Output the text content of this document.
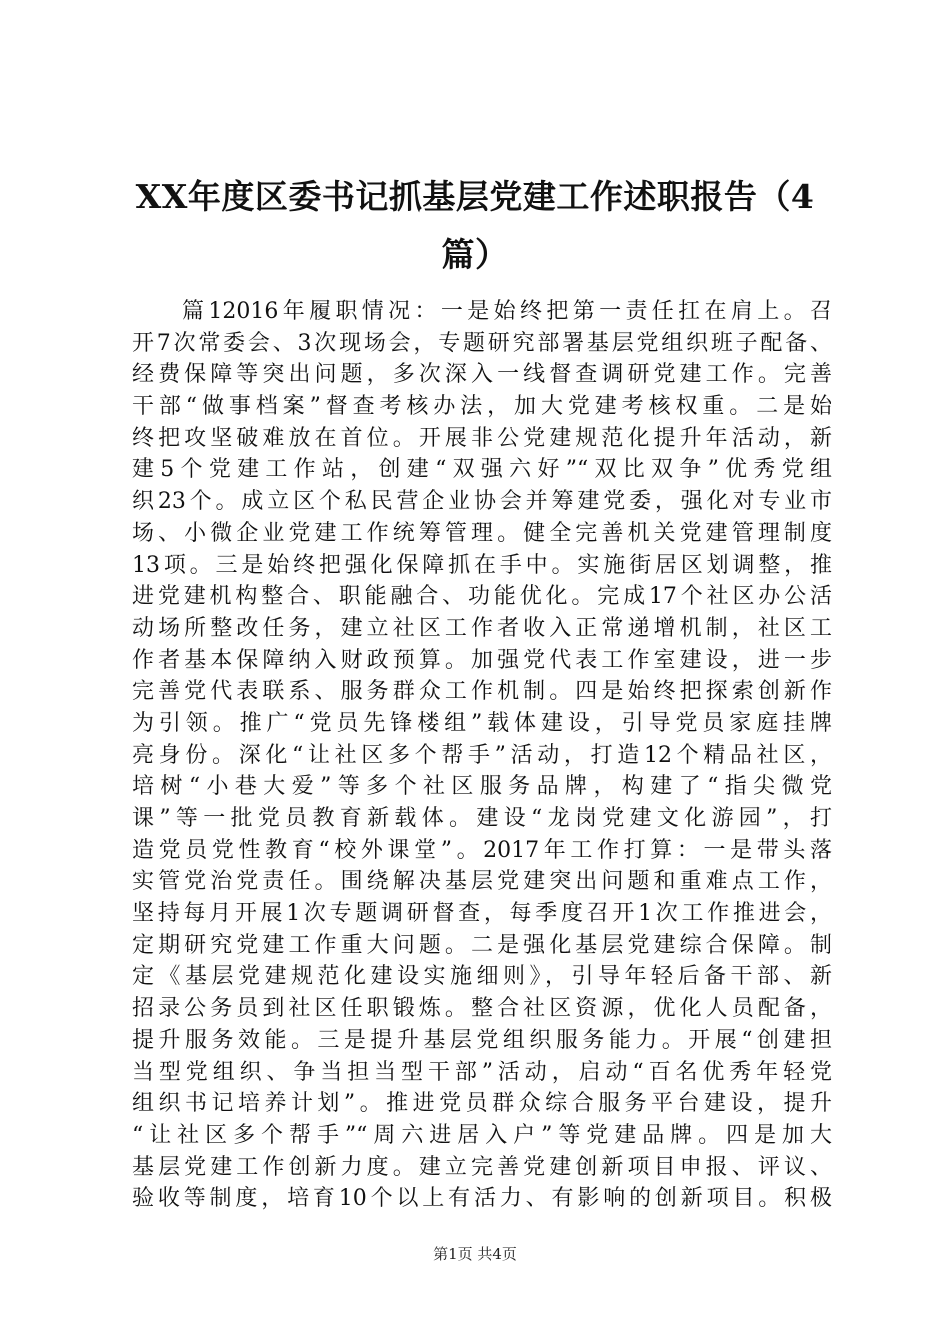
XX年度区委书记抓基层党建工作述职报告（4
篇）
篇12016年履职情况：一是始终把第一责任扛在肩上。召
开7次常委会、3次现场会，专题研究部署基层党组织班子配备、
经费保障等突出问题，多次深入一线督查调研党建工作。完善
干部“做事档案”督查考核办法，加大党建考核权重。二是始
终把攻坚破难放在首位。开展非公党建规范化提升年活动，新
建5个党建工作站，创建“双强六好”“双比双争”优秀党组
织23个。成立区个私民营企业协会并筹建党委，强化对专业市
场、小微企业党建工作统筹管理。健全完善机关党建管理制度
13项。三是始终把强化保障抓在手中。实施街居区划调整，推
进党建机构整合、职能融合、功能优化。完成17个社区办公活
动场所整改任务，建立社区工作者收入正常递增机制，社区工
作者基本保障纳入财政预算。加强党代表工作室建设，进一步
完善党代表联系、服务群众工作机制。四是始终把探索创新作
为引领。推广“党员先锋楼组”载体建设，引导党员家庭挂牌
亮身份。深化“让社区多个帮手”活动，打造12个精品社区，
培树“小巷大爱”等多个社区服务品牌，构建了“指尖微党
课”等一批党员教育新载体。建设“龙岗党建文化游园”，打
造党员党性教育“校外课堂”。2017年工作打算：一是带头落
实管党治党责任。围绕解决基层党建突出问题和重难点工作，
坚持每月开展1次专题调研督查，每季度召开1次工作推进会，
定期研究党建工作重大问题。二是强化基层党建综合保障。制
定《基层党建规范化建设实施细则》，引导年轻后备干部、新
招录公务员到社区任职锻炼。整合社区资源，优化人员配备，
提升服务效能。三是提升基层党组织服务能力。开展“创建担
当型党组织、争当担当型干部”活动，启动“百名优秀年轻党
组织书记培养计划”。推进党员群众综合服务平台建设，提升
“让社区多个帮手”“周六进居入户”等党建品牌。四是加大
基层党建工作创新力度。建立完善党建创新项目申报、评议、
验收等制度，培育10个以上有活力、有影响的创新项目。积极
第1页 共4页
